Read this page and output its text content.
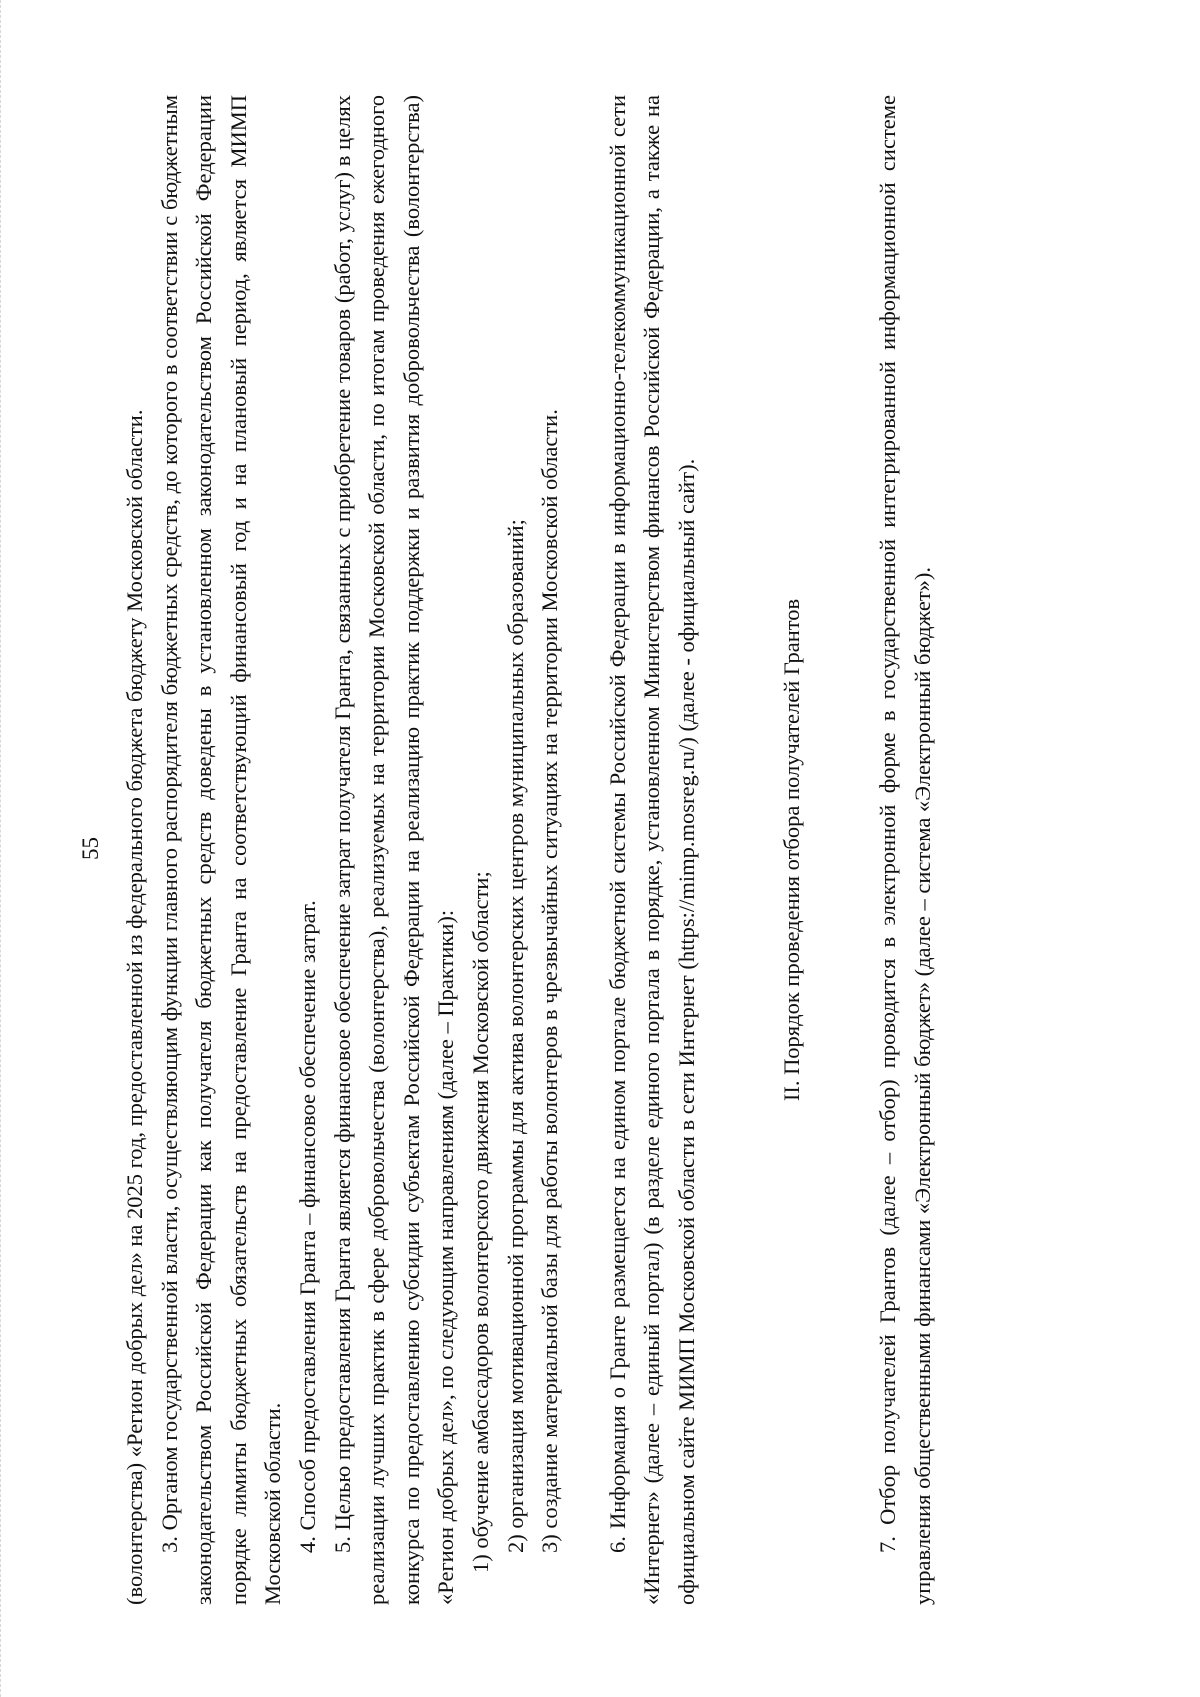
55 (волонтерства) «Регион добрых дел» на 2025 год, предоставленной из федерального бюджета бюджету Московской области. 3. Органом государственной власти, осуществляющим функции главного распорядителя бюджетных средств, до которого в соответствии с бюджетным законодательством Российской Федерации как получателя бюджетных средств доведены в установленном законодательством Российской Федерации порядке лимиты бюджетных обязательств на предоставление Гранта на соответствующий финансовый год и на плановый период, является МИМП Московской области. 4. Способ предоставления Гранта – финансовое обеспечение затрат. 5. Целью предоставления Гранта является финансовое обеспечение затрат получателя Гранта, связанных с приобретение товаров (работ, услуг) в целях реализации лучших практик в сфере добровольчества (волонтерства), реализуемых на территории Московской области, по итогам проведения ежегодного конкурса по предоставлению субсидии субъектам Российской Федерации на реализацию практик поддержки и развития добровольчества (волонтерства) «Регион добрых дел», по следующим направлениям (далее – Практики): 1) обучение амбассадоров волонтерского движения Московской области; 2) организация мотивационной программы для актива волонтерских центров муниципальных образований; 3) создание материальной базы для работы волонтеров в чрезвычайных ситуациях на территории Московской области. 6. Информация о Гранте размещается на едином портале бюджетной системы Российской Федерации в информационно-телекоммуникационной сети «Интернет» (далее – единый портал) (в разделе единого портала в порядке, установленном Министерством финансов Российской Федерации, а также на официальном сайте МИМП Московской области в сети Интернет (https://mimp.mosreg.ru/) (далее - официальный сайт).	II. Порядок проведения отбора получателей Грантов	7. Отбор получателей Грантов (далее – отбор) проводится в электронной форме в государственной интегрированной информационной системе управления общественными финансами «Электронный бюджет» (далее – система «Электронный бюджет»).
